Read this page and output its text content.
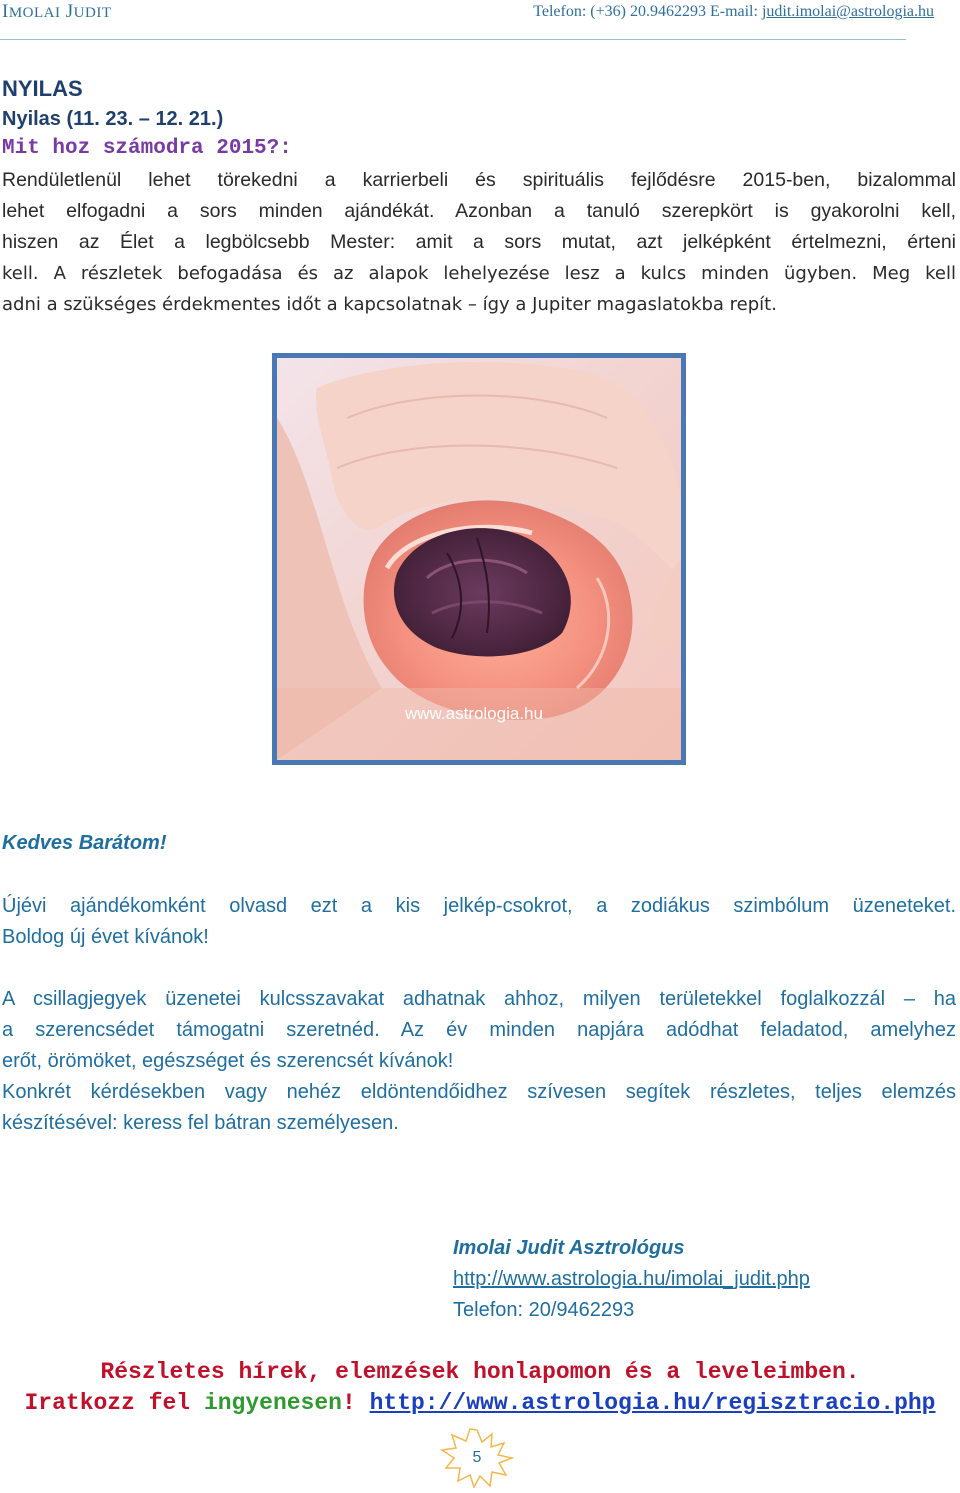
IMOLAI JUDIT	Telefon: (+36) 20.9462293 E-mail: judit.imolai@astrologia.hu
NYILAS
Nyilas (11. 23. – 12. 21.)
Mit hoz számodra 2015?:
Rendületlenül lehet törekedni a karrierbeli és spirituális fejlődésre 2015-ben, bizalommal
lehet elfogadni a sors minden ajándékát. Azonban a tanuló szerepkört is gyakorolni kell,
hiszen az Élet a legbölcsebb Mester: amit a sors mutat, azt jelképként értelmezni, érteni
kell. A részletek befogadása és az alapok lehelyezése lesz a kulcs minden ügyben. Meg kell
adni a szükséges érdekmentes időt a kapcsolatnak – így a Jupiter magaslatokba repít.
www.astrologia.hu
Kedves Barátom!
Újévi ajándékomként olvasd ezt a kis jelkép-csokrot, a zodiákus szimbólum üzeneteket.
Boldog új évet kívánok!
A csillagjegyek üzenetei kulcsszavakat adhatnak ahhoz, milyen területekkel foglalkozzál – ha
a szerencsédet támogatni szeretnéd. Az év minden napjára adódhat feladatod, amelyhez
erőt, örömöket, egészséget és szerencsét kívánok!
Konkrét kérdésekben vagy nehéz eldöntendőidhez szívesen segítek részletes, teljes elemzés
készítésével: keress fel bátran személyesen.
Imolai Judit Asztrológus
http://www.astrologia.hu/imolai_judit.php
Telefon: 20/9462293
Részletes hírek, elemzések honlapomon és a leveleimben.
Iratkozz fel ingyenesen! http://www.astrologia.hu/regisztracio.php
5
